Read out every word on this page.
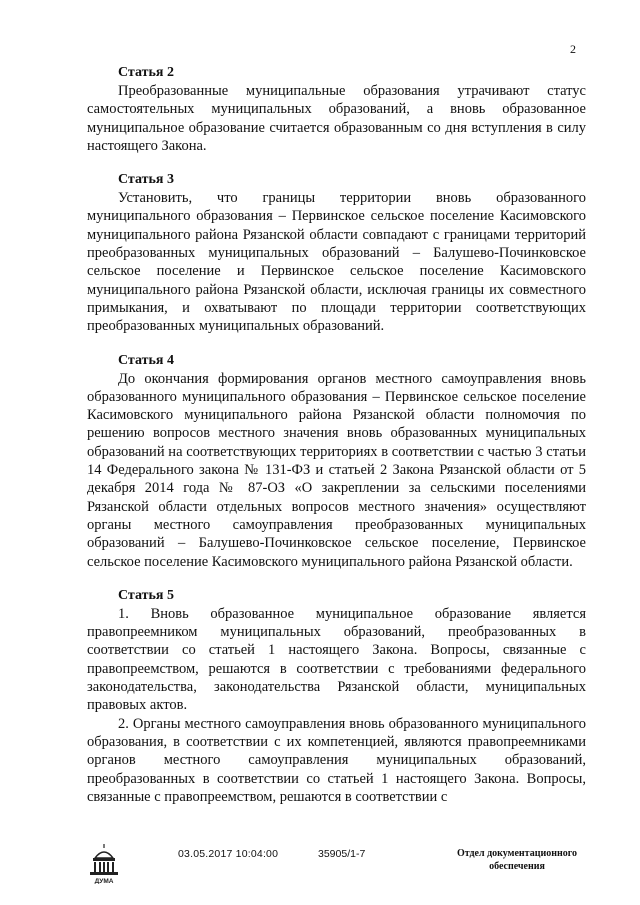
2

Статья 2

Преобразованные муниципальные образования утрачивают статус самостоятельных муниципальных образований, а вновь образованное муниципальное образование считается образованным со дня вступления в силу настоящего Закона.

Статья 3

Установить, что границы территории вновь образованного муниципального образования – Первинское сельское поселение Касимовского муниципального района Рязанской области совпадают с границами территорий преобразованных муниципальных образований – Балушево-Починковское сельское поселение и Первинское сельское поселение Касимовского муниципального района Рязанской области, исключая границы их совместного примыкания, и охватывают по площади территории соответствующих преобразованных муниципальных образований.

Статья 4

До окончания формирования органов местного самоуправления вновь образованного муниципального образования – Первинское сельское поселение Касимовского муниципального района Рязанской области полномочия по решению вопросов местного значения вновь образованных муниципальных образований на соответствующих территориях в соответствии с частью 3 статьи 14 Федерального закона № 131-ФЗ и статьей 2 Закона Рязанской области от 5 декабря 2014 года № 87-ОЗ «О закреплении за сельскими поселениями Рязанской области отдельных вопросов местного значения» осуществляют органы местного самоуправления преобразованных муниципальных образований – Балушево-Починковское сельское поселение, Первинское сельское поселение Касимовского муниципального района Рязанской области.

Статья 5

1. Вновь образованное муниципальное образование является правопреемником муниципальных образований, преобразованных в соответствии со статьей 1 настоящего Закона. Вопросы, связанные с правопреемством, решаются в соответствии с требованиями федерального законодательства, законодательства Рязанской области, муниципальных правовых актов.

2. Органы местного самоуправления вновь образованного муниципального образования, в соответствии с их компетенцией, являются правопреемниками органов местного самоуправления муниципальных образований, преобразованных в соответствии со статьей 1 настоящего Закона. Вопросы, связанные с правопреемством, решаются в соответствии с

ДУМА
03.05.2017 10:04:00	35905/1-7	Отдел документационного обеспечения
